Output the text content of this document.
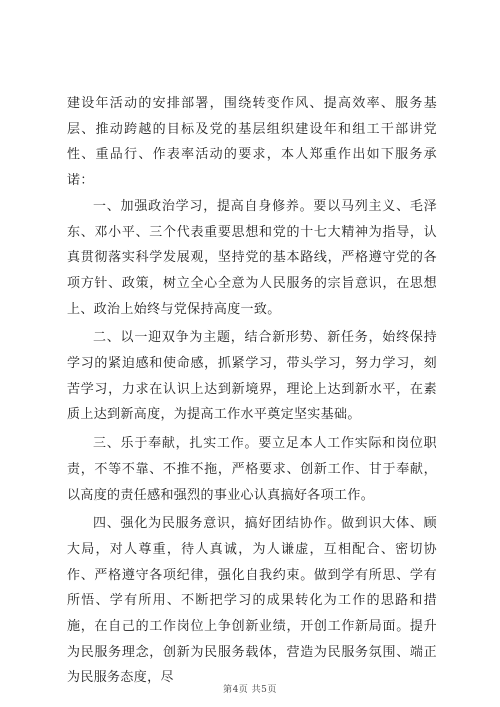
建设年活动的安排部署，围绕转变作风、提高效率、服务基层、推动跨越的目标及党的基层组织建设年和组工干部讲党性、重品行、作表率活动的要求，本人郑重作出如下服务承诺：

一、加强政治学习，提高自身修养。要以马列主义、毛泽东、邓小平、三个代表重要思想和党的十七大精神为指导，认真贯彻落实科学发展观，坚持党的基本路线，严格遵守党的各项方针、政策，树立全心全意为人民服务的宗旨意识，在思想上、政治上始终与党保持高度一致。

二、以一迎双争为主题，结合新形势、新任务，始终保持学习的紧迫感和使命感，抓紧学习，带头学习，努力学习，刻苦学习，力求在认识上达到新境界，理论上达到新水平，在素质上达到新高度，为提高工作水平奠定坚实基础。

三、乐于奉献，扎实工作。要立足本人工作实际和岗位职责，不等不靠、不推不拖，严格要求、创新工作、甘于奉献，以高度的责任感和强烈的事业心认真搞好各项工作。

四、强化为民服务意识，搞好团结协作。做到识大体、顾大局，对人尊重，待人真诚，为人谦虚，互相配合、密切协作、严格遵守各项纪律，强化自我约束。做到学有所思、学有所悟、学有所用、不断把学习的成果转化为工作的思路和措施，在自己的工作岗位上争创新业绩，开创工作新局面。提升为民服务理念，创新为民服务载体，营造为民服务氛围、端正为民服务态度，尽

第4页 共5页
